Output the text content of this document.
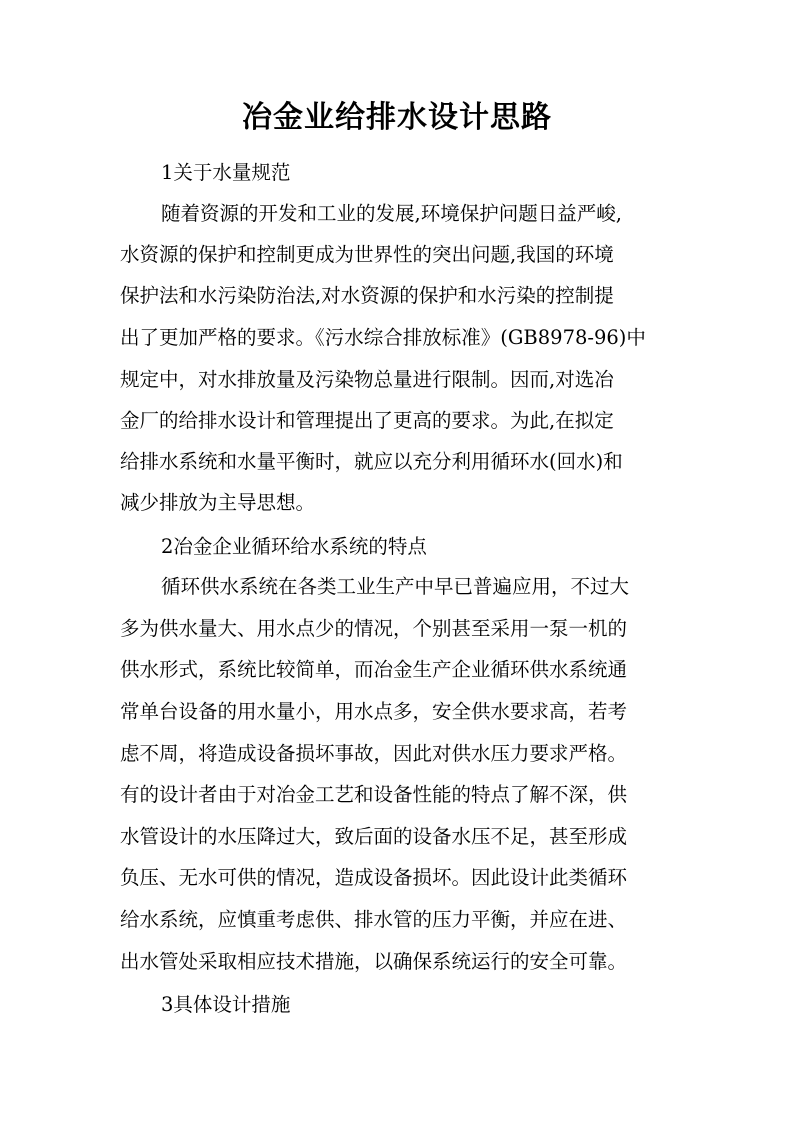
冶金业给排水设计思路
1关于水量规范
随着资源的开发和工业的发展,环境保护问题日益严峻,
水资源的保护和控制更成为世界性的突出问题,我国的环境
保护法和水污染防治法,对水资源的保护和水污染的控制提
出了更加严格的要求。《污水综合排放标准》(GB8978-96)中
规定中，对水排放量及污染物总量进行限制。因而,对选冶
金厂的给排水设计和管理提出了更高的要求。为此,在拟定
给排水系统和水量平衡时，就应以充分利用循环水(回水)和
减少排放为主导思想。
2冶金企业循环给水系统的特点
循环供水系统在各类工业生产中早已普遍应用，不过大
多为供水量大、用水点少的情况，个别甚至采用一泵一机的
供水形式，系统比较简单，而冶金生产企业循环供水系统通
常单台设备的用水量小，用水点多，安全供水要求高，若考
虑不周，将造成设备损坏事故，因此对供水压力要求严格。
有的设计者由于对冶金工艺和设备性能的特点了解不深，供
水管设计的水压降过大，致后面的设备水压不足，甚至形成
负压、无水可供的情况，造成设备损坏。因此设计此类循环
给水系统，应慎重考虑供、排水管的压力平衡，并应在进、
出水管处采取相应技术措施，以确保系统运行的安全可靠。
3具体设计措施
